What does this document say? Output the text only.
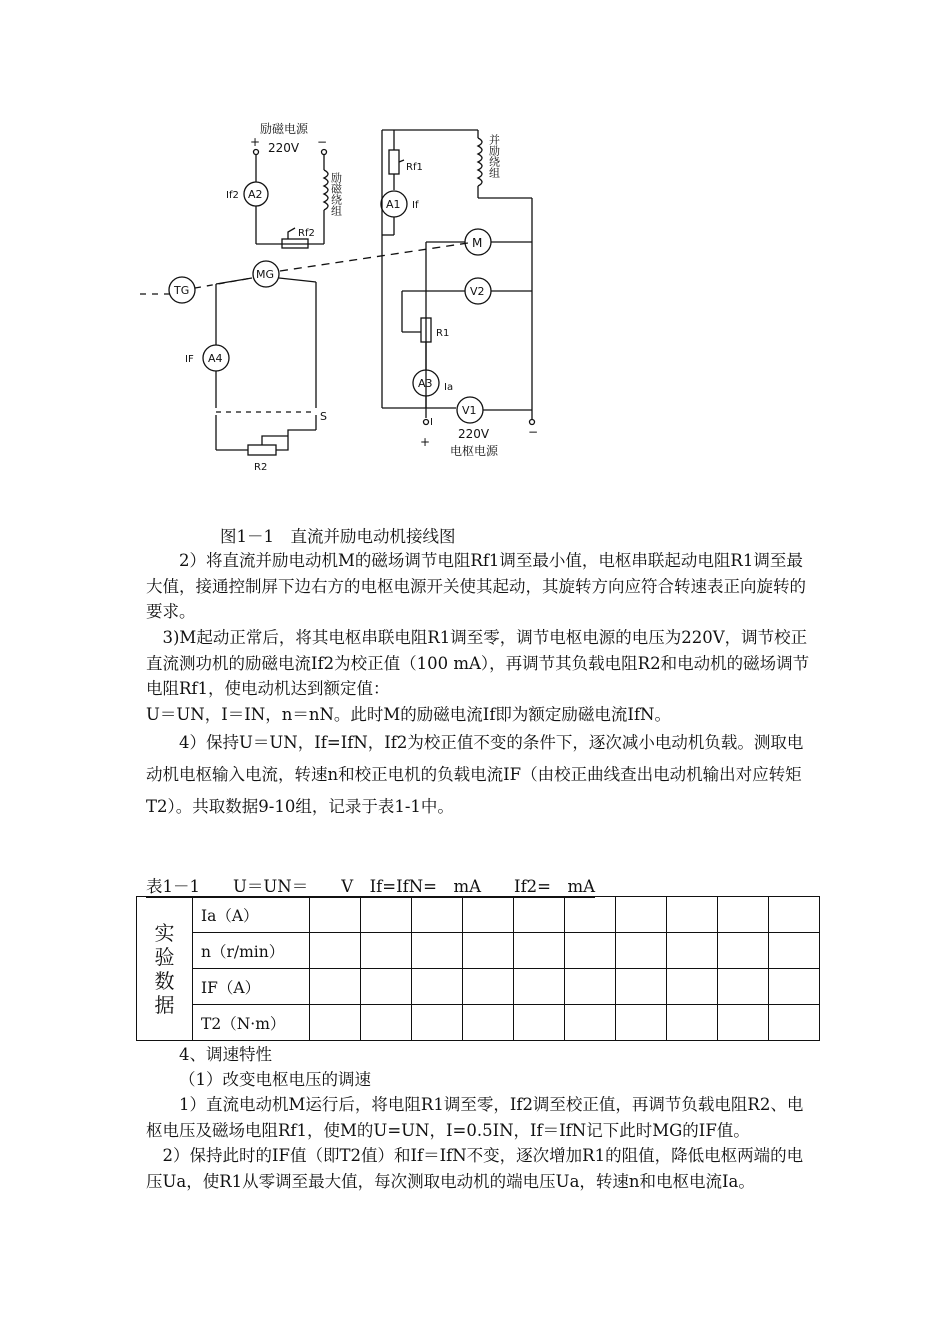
励磁电源
+	−
220V
A2
If2	励磁绕组
Rf2
TG
MG
A4
IF
S
R2
Rf1
A1 If
并励绕组
M
V2
R1
A3 Ia
V1
I
+
−
220V
电枢电源
图1－1　直流并励电动机接线图
2）将直流并励电动机M的磁场调节电阻Rf1调至最小值，电枢串联起动电阻R1调至最大值，接通控制屏下边右方的电枢电源开关使其起动，其旋转方向应符合转速表正向旋转的要求。
3)M起动正常后，将其电枢串联电阻R1调至零，调节电枢电源的电压为220V，调节校正直流测功机的励磁电流If2为校正值（100 mA），再调节其负载电阻R2和电动机的磁场调节电阻Rf1，使电动机达到额定值：
U＝UN，I＝IN，n＝nN。此时M的励磁电流If即为额定励磁电流IfN。
4）保持U＝UN，If=IfN，If2为校正值不变的条件下，逐次减小电动机负载。测取电动机电枢输入电流，转速n和校正电机的负载电流IF（由校正曲线查出电动机输出对应转矩T2）。共取数据9-10组，记录于表1-1中。
表1－1　　U＝UN＝　　V　If=IfN=　mA　　If2=　mA
实
验
数
据	Ia（A）										
	n（r/min）										
	IF（A）										
	T2（N·m）										
4、调速特性
（1）改变电枢电压的调速
1）直流电动机M运行后，将电阻R1调至零，If2调至校正值，再调节负载电阻R2、电枢电压及磁场电阻Rf1，使M的U=UN，I=0.5IN，If＝IfN记下此时MG的IF值。
2）保持此时的IF值（即T2值）和If＝IfN不变，逐次增加R1的阻值，降低电枢两端的电压Ua，使R1从零调至最大值，每次测取电动机的端电压Ua，转速n和电枢电流Ia。
